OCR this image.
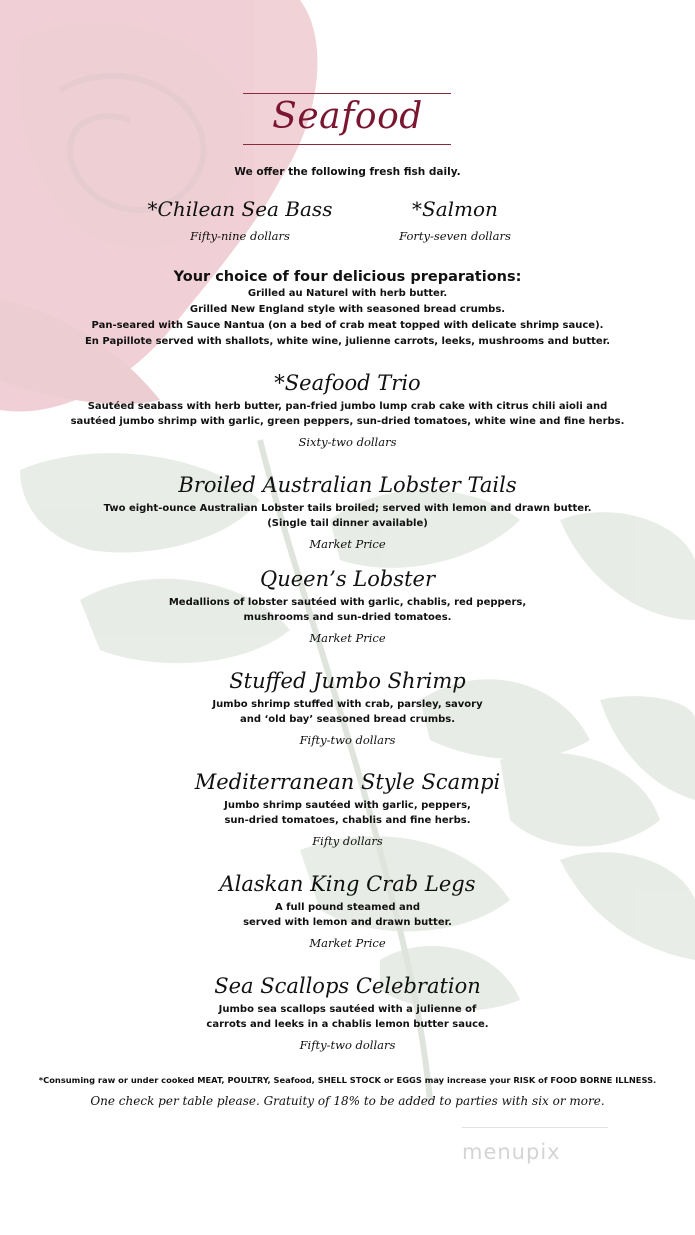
Seafood
We offer the following fresh fish daily.
*Chilean Sea Bass
Fifty-nine dollars
*Salmon
Forty-seven dollars
Your choice of four delicious preparations:
Grilled au Naturel with herb butter.
Grilled New England style with seasoned bread crumbs.
Pan-seared with Sauce Nantua (on a bed of crab meat topped with delicate shrimp sauce).
En Papillote served with shallots, white wine, julienne carrots, leeks, mushrooms and butter.
*Seafood Trio
Sautéed seabass with herb butter, pan-fried jumbo lump crab cake with citrus chili aioli and
sautéed jumbo shrimp with garlic, green peppers, sun-dried tomatoes, white wine and fine herbs.
Sixty-two dollars
Broiled Australian Lobster Tails
Two eight-ounce Australian Lobster tails broiled; served with lemon and drawn butter.
(Single tail dinner available)
Market Price
Queen’s Lobster
Medallions of lobster sautéed with garlic, chablis, red peppers,
mushrooms and sun-dried tomatoes.
Market Price
Stuffed Jumbo Shrimp
Jumbo shrimp stuffed with crab, parsley, savory
and ‘old bay’ seasoned bread crumbs.
Fifty-two dollars
Mediterranean Style Scampi
Jumbo shrimp sautéed with garlic, peppers,
sun-dried tomatoes, chablis and fine herbs.
Fifty dollars
Alaskan King Crab Legs
A full pound steamed and
served with lemon and drawn butter.
Market Price
Sea Scallops Celebration
Jumbo sea scallops sautéed with a julienne of
carrots and leeks in a chablis lemon butter sauce.
Fifty-two dollars
*Consuming raw or under cooked MEAT, POULTRY, Seafood, SHELL STOCK or EGGS may increase your RISK of FOOD BORNE ILLNESS.
One check per table please. Gratuity of 18% to be added to parties with six or more.
menupix
